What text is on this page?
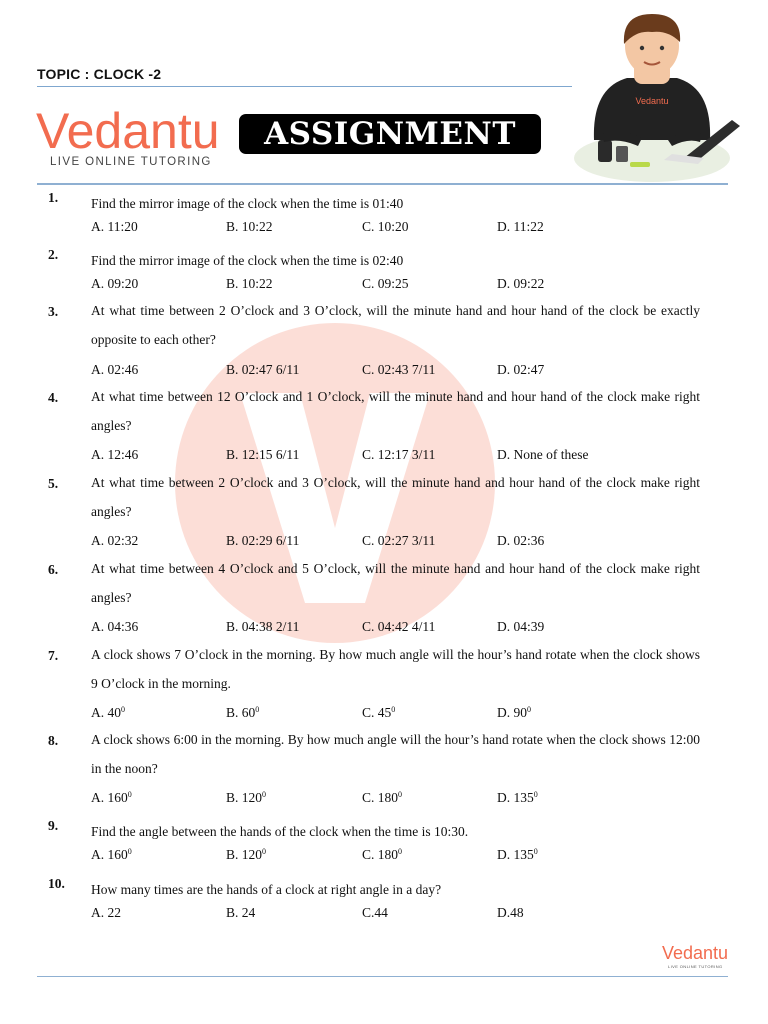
TOPIC : CLOCK -2
Vedantu
LIVE ONLINE TUTORING
ASSIGNMENT
Vedantu
1. Find the mirror image of the clock when the time is 01:40
A. 11:20	B. 10:22	C. 10:20	D. 11:22
2. Find the mirror image of the clock when the time is 02:40
A. 09:20	B. 10:22	C. 09:25	D. 09:22
3. At what time between 2 O’clock and 3 O’clock, will the minute hand and hour hand of the clock be exactly opposite to each other?
A. 02:46	B. 02:47 6/11	C. 02:43 7/11	D. 02:47
4. At what time between 12 O’clock and 1 O’clock, will the minute hand and hour hand of the clock make right angles?
A. 12:46	B. 12:15 6/11	C. 12:17 3/11	D. None of these
5. At what time between 2 O’clock and 3 O’clock, will the minute hand and hour hand of the clock make right angles?
A. 02:32	B. 02:29 6/11	C. 02:27 3/11	D. 02:36
6. At what time between 4 O’clock and 5 O’clock, will the minute hand and hour hand of the clock make right angles?
A. 04:36	B. 04:38 2/11	C. 04:42 4/11	D. 04:39
7. A clock shows 7 O’clock in the morning. By how much angle will the hour’s hand rotate when the clock shows 9 O’clock in the morning.
A. $40^0$	B. $60^0$	C. $45^0$	D. $90^0$
8. A clock shows 6:00 in the morning. By how much angle will the hour’s hand rotate when the clock shows 12:00 in the noon?
A. $160^0$	B. $120^0$	C. $180^0$	D. $135^0$
9. Find the angle between the hands of the clock when the time is 10:30.
A. $160^0$	B. $120^0$	C. $180^0$	D. $135^0$
10. How many times are the hands of a clock at right angle in a day?
A. 22	B. 24	C.44	D.48
Vedantu
LIVE ONLINE TUTORING
